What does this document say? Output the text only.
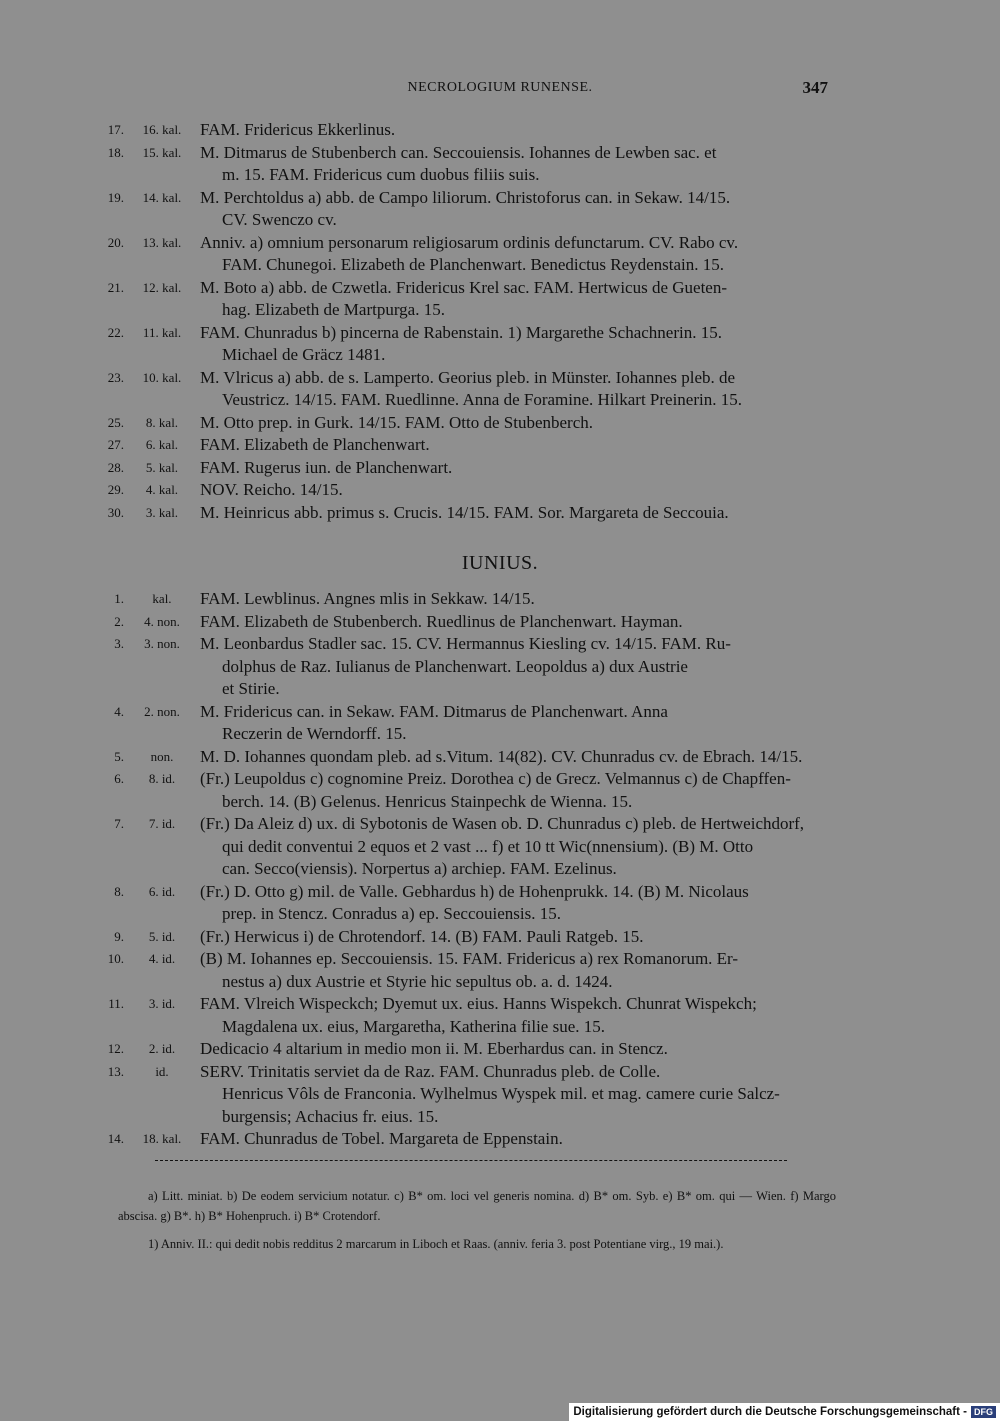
NECROLOGIUM RUNENSE.	347
17.	16. kal.	FAM. Fridericus Ekkerlinus.
18.	15. kal.	M. Ditmarus de Stubenberch can. Seccouiensis. Iohannes de Lewben sac. et
m. 15. FAM. Fridericus cum duobus filiis suis.
19.	14. kal.	M. Perchtoldus a) abb. de Campo liliorum. Christoforus can. in Sekaw. 14/15.
CV. Swenczo cv.
20.	13. kal.	Anniv. a) omnium personarum religiosarum ordinis defunctarum. CV. Rabo cv.
FAM. Chunegoi. Elizabeth de Planchenwart. Benedictus Reydenstain. 15.
21.	12. kal.	M. Boto a) abb. de Czwetla. Fridericus Krel sac. FAM. Hertwicus de Gueten-
hag. Elizabeth de Martpurga. 15.
22.	11. kal.	FAM. Chunradus b) pincerna de Rabenstain. 1) Margarethe Schachnerin. 15.
Michael de Gräcz 1481.
23.	10. kal.	M. Vlricus a) abb. de s. Lamperto. Georius pleb. in Münster. Iohannes pleb. de
Veustricz. 14/15. FAM. Ruedlinne. Anna de Foramine. Hilkart Preinerin. 15.
25.	8. kal.	M. Otto prep. in Gurk. 14/15. FAM. Otto de Stubenberch.
27.	6. kal.	FAM. Elizabeth de Planchenwart.
28.	5. kal.	FAM. Rugerus iun. de Planchenwart.
29.	4. kal.	NOV. Reicho. 14/15.
30.	3. kal.	M. Heinricus abb. primus s. Crucis. 14/15. FAM. Sor. Margareta de Seccouia.
IUNIUS.
1.	kal.	FAM. Lewblinus. Angnes mlis in Sekkaw. 14/15.
2.	4. non.	FAM. Elizabeth de Stubenberch. Ruedlinus de Planchenwart. Hayman.
3.	3. non.	M. Leonbardus Stadler sac. 15. CV. Hermannus Kiesling cv. 14/15. FAM. Ru-
dolphus de Raz. Iulianus de Planchenwart. Leopoldus a) dux Austrie
et Stirie.
4.	2. non.	M. Fridericus can. in Sekaw. FAM. Ditmarus de Planchenwart. Anna
Reczerin de Werndorff. 15.
5.	non.	M. D. Iohannes quondam pleb. ad s.Vitum. 14(82). CV. Chunradus cv. de Ebrach. 14/15.
6.	8. id.	(Fr.) Leupoldus c) cognomine Preiz. Dorothea c) de Grecz. Velmannus c) de Chapffen-
berch. 14. (B) Gelenus. Henricus Stainpechk de Wienna. 15.
7.	7. id.	(Fr.) Da Aleiz d) ux. di Sybotonis de Wasen ob. D. Chunradus c) pleb. de Hertweichdorf,
qui dedit conventui 2 equos et 2 vast ... f) et 10 tt Wic(nnensium). (B) M. Otto
can. Secco(viensis). Norpertus a) archiep. FAM. Ezelinus.
8.	6. id.	(Fr.) D. Otto g) mil. de Valle. Gebhardus h) de Hohenprukk. 14. (B) M. Nicolaus
prep. in Stencz. Conradus a) ep. Seccouiensis. 15.
9.	5. id.	(Fr.) Herwicus i) de Chrotendorf. 14. (B) FAM. Pauli Ratgeb. 15.
10.	4. id.	(B) M. Iohannes ep. Seccouiensis. 15. FAM. Fridericus a) rex Romanorum. Er-
nestus a) dux Austrie et Styrie hic sepultus ob. a. d. 1424.
11.	3. id.	FAM. Vlreich Wispeckch; Dyemut ux. eius. Hanns Wispekch. Chunrat Wispekch;
Magdalena ux. eius, Margaretha, Katherina filie sue. 15.
12.	2. id.	Dedicacio 4 altarium in medio mon ii. M. Eberhardus can. in Stencz.
13.	id.	SERV. Trinitatis serviet da de Raz. FAM. Chunradus pleb. de Colle.
Henricus Vôls de Franconia. Wylhelmus Wyspek mil. et mag. camere curie Salcz-
burgensis; Achacius fr. eius. 15.
14.	18. kal.	FAM. Chunradus de Tobel. Margareta de Eppenstain.

a) Litt. miniat. b) De eodem servicium notatur. c) B* om. loci vel generis nomina. d) B* om. Syb. e) B* om. qui — Wien. f) Margo abscisa. g) B*. h) B* Hohenpruch. i) B* Crotendorf.

1) Anniv. II.: qui dedit nobis redditus 2 marcarum in Liboch et Raas. (anniv. feria 3. post Potentiane virg., 19 mai.).

Digitalisierung gefördert durch die Deutsche Forschungsgemeinschaft - DFG
